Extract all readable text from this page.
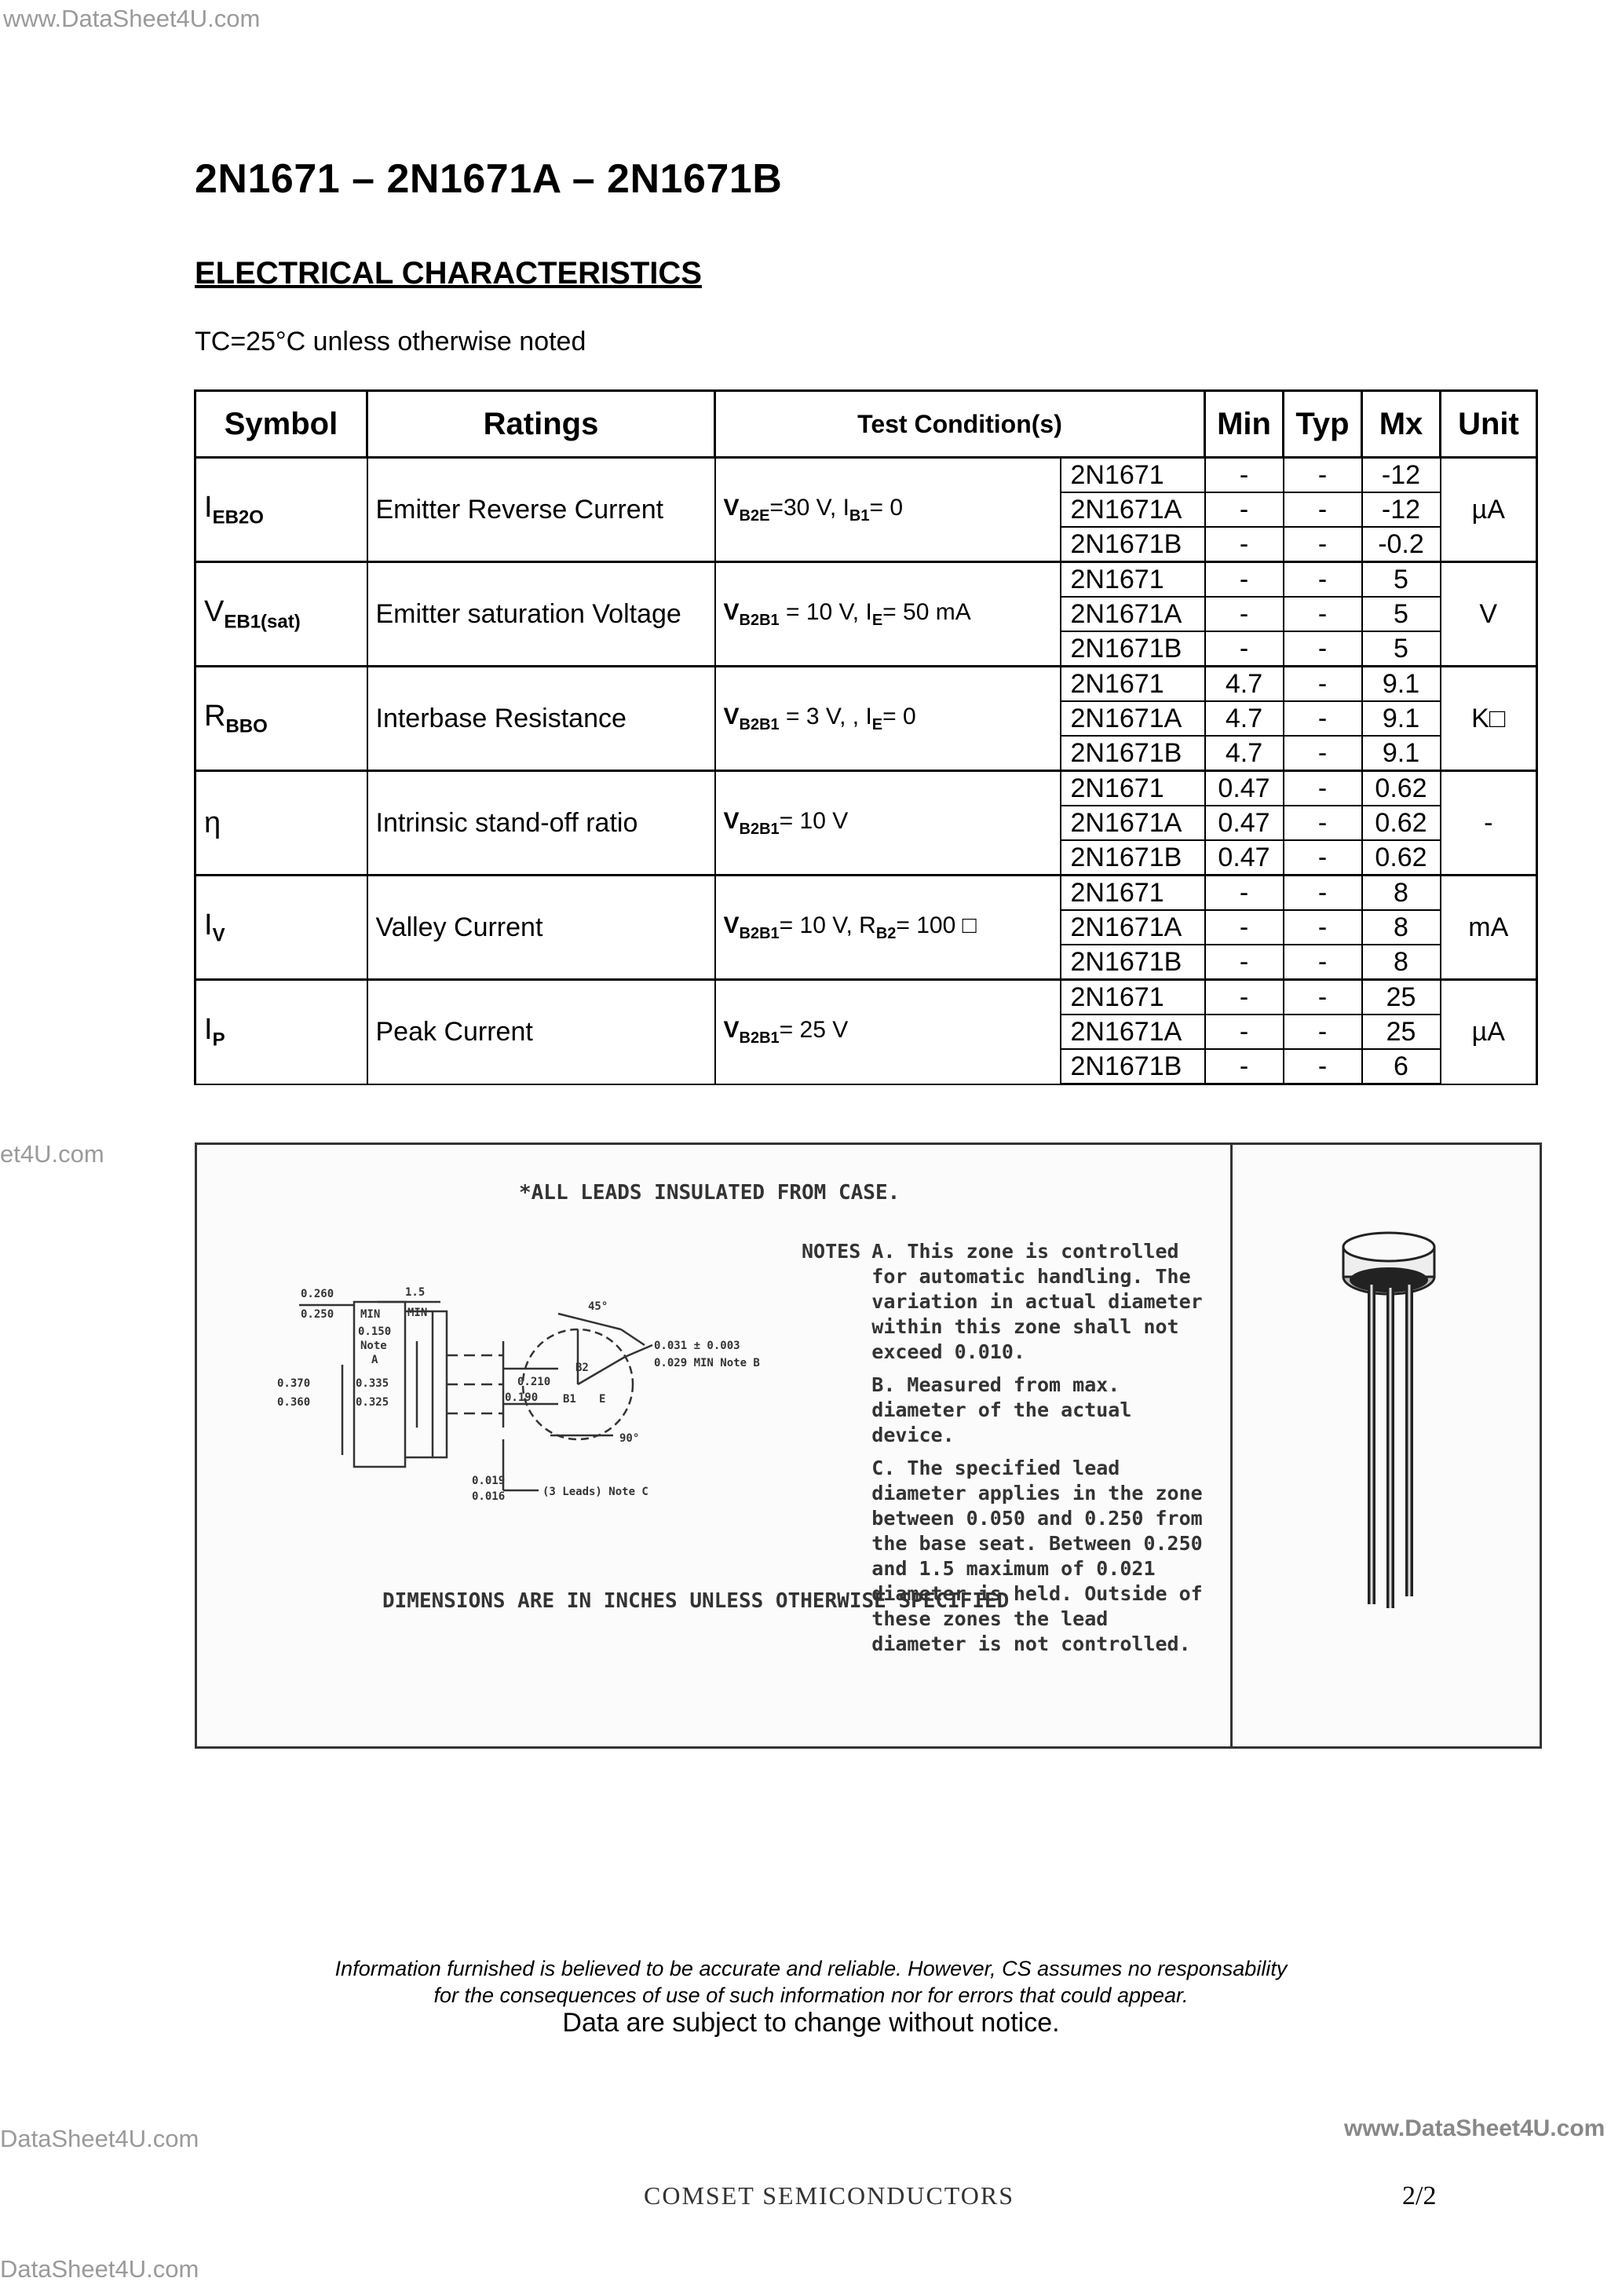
www.DataSheet4U.com
et4U.com
DataSheet4U.com	www.DataSheet4U.com
DataSheet4U.com
2N1671 – 2N1671A – 2N1671B
ELECTRICAL CHARACTERISTICS
TC=25°C unless otherwise noted
Symbol	Ratings	Test Condition(s)		Min	Typ	Mx	Unit
$I_{EB2O}$	Emitter Reverse Current	$V_{B2E}=30$ V, $I_{B1}= 0$	2N1671	-	-	-12	µA
			2N1671A	-	-	-12	
			2N1671B	-	-	-0.2	
$V_{EB1(sat)}$	Emitter saturation Voltage	$V_{B2B1} = 10$ V, $I_E= 50$ mA	2N1671	-	-	5	V
			2N1671A	-	-	5	
			2N1671B	-	-	5	
$R_{BBO}$	Interbase Resistance	$V_{B2B1} = 3$ V, , $I_E= 0$	2N1671	4.7	-	9.1	K□
			2N1671A	4.7	-	9.1	
			2N1671B	4.7	-	9.1	
η	Intrinsic stand-off ratio	$V_{B2B1}= 10$ V	2N1671	0.47	-	0.62	-
			2N1671A	0.47	-	0.62	
			2N1671B	0.47	-	0.62	
$I_V$	Valley Current	$V_{B2B1}= 10$ V, $R_{B2}= 100$ □	2N1671	-	-	8	mA
			2N1671A	-	-	8	
			2N1671B	-	-	8	
$I_P$	Peak Current	$V_{B2B1}= 25$ V	2N1671	-	-	25	µA
			2N1671A	-	-	25	
			2N1671B	-	-	6	
*ALL LEADS INSULATED FROM CASE.
NOTES A. This zone is controlled for automatic handling. The variation in actual diameter within this zone shall not exceed 0.010.
B. Measured from max. diameter of the actual device.
C. The specified lead diameter applies in the zone between 0.050 and 0.250 from the base seat. Between 0.250 and 1.5 maximum of 0.021 diameter is held. Outside of these zones the lead diameter is not controlled.
DIMENSIONS ARE IN INCHES UNLESS OTHERWISE SPECIFIED
0.260
0.250
1.5
MIN MIN
0.150
Note
A
0.370
0.360
0.335
0.325
0.210
0.190
0.019
0.016	(3 Leads) Note C
45°
0.031 ± 0.003
0.029 MIN Note B
90°
B2
B1 E
Information furnished is believed to be accurate and reliable. However, CS assumes no responsability
for the consequences of use of such information nor for errors that could appear.
Data are subject to change without notice.
COMSET SEMICONDUCTORS	2/2
